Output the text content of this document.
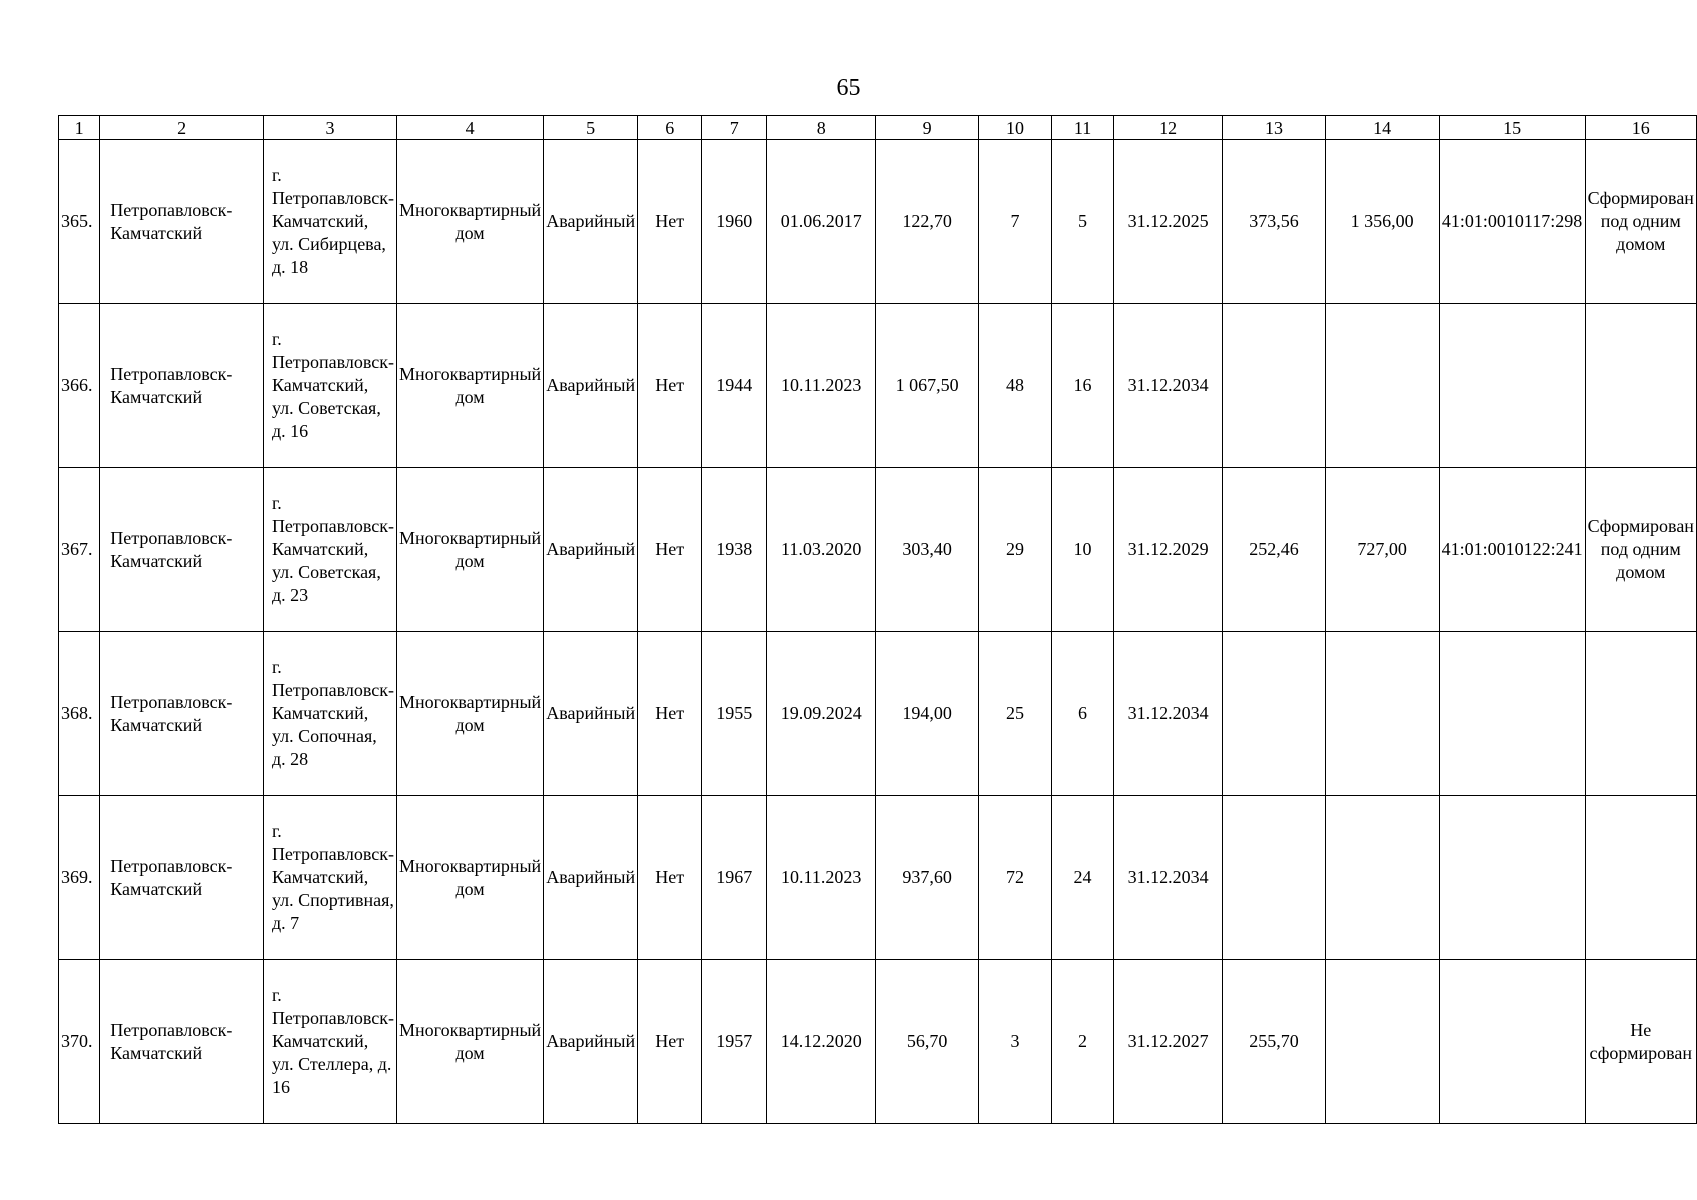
65
1	2	3	4	5	6	7	8	9	10	11	12	13	14	15	16
365.	Петропавловск-Камчатский	г. Петропавловск-Камчатский, ул. Сибирцева, д. 18	Многоквартирный дом	Аварийный	Нет	1960	01.06.2017	122,70	7	5	31.12.2025	373,56	1 356,00	41:01:0010117:298	Сформирован под одним домом
366.	Петропавловск-Камчатский	г. Петропавловск-Камчатский, ул. Советская, д. 16	Многоквартирный дом	Аварийный	Нет	1944	10.11.2023	1 067,50	48	16	31.12.2034				
367.	Петропавловск-Камчатский	г. Петропавловск-Камчатский, ул. Советская, д. 23	Многоквартирный дом	Аварийный	Нет	1938	11.03.2020	303,40	29	10	31.12.2029	252,46	727,00	41:01:0010122:241	Сформирован под одним домом
368.	Петропавловск-Камчатский	г. Петропавловск-Камчатский, ул. Сопочная, д. 28	Многоквартирный дом	Аварийный	Нет	1955	19.09.2024	194,00	25	6	31.12.2034				
369.	Петропавловск-Камчатский	г. Петропавловск-Камчатский, ул. Спортивная, д. 7	Многоквартирный дом	Аварийный	Нет	1967	10.11.2023	937,60	72	24	31.12.2034				
370.	Петропавловск-Камчатский	г. Петропавловск-Камчатский, ул. Стеллера, д. 16	Многоквартирный дом	Аварийный	Нет	1957	14.12.2020	56,70	3	2	31.12.2027	255,70			Не сформирован
